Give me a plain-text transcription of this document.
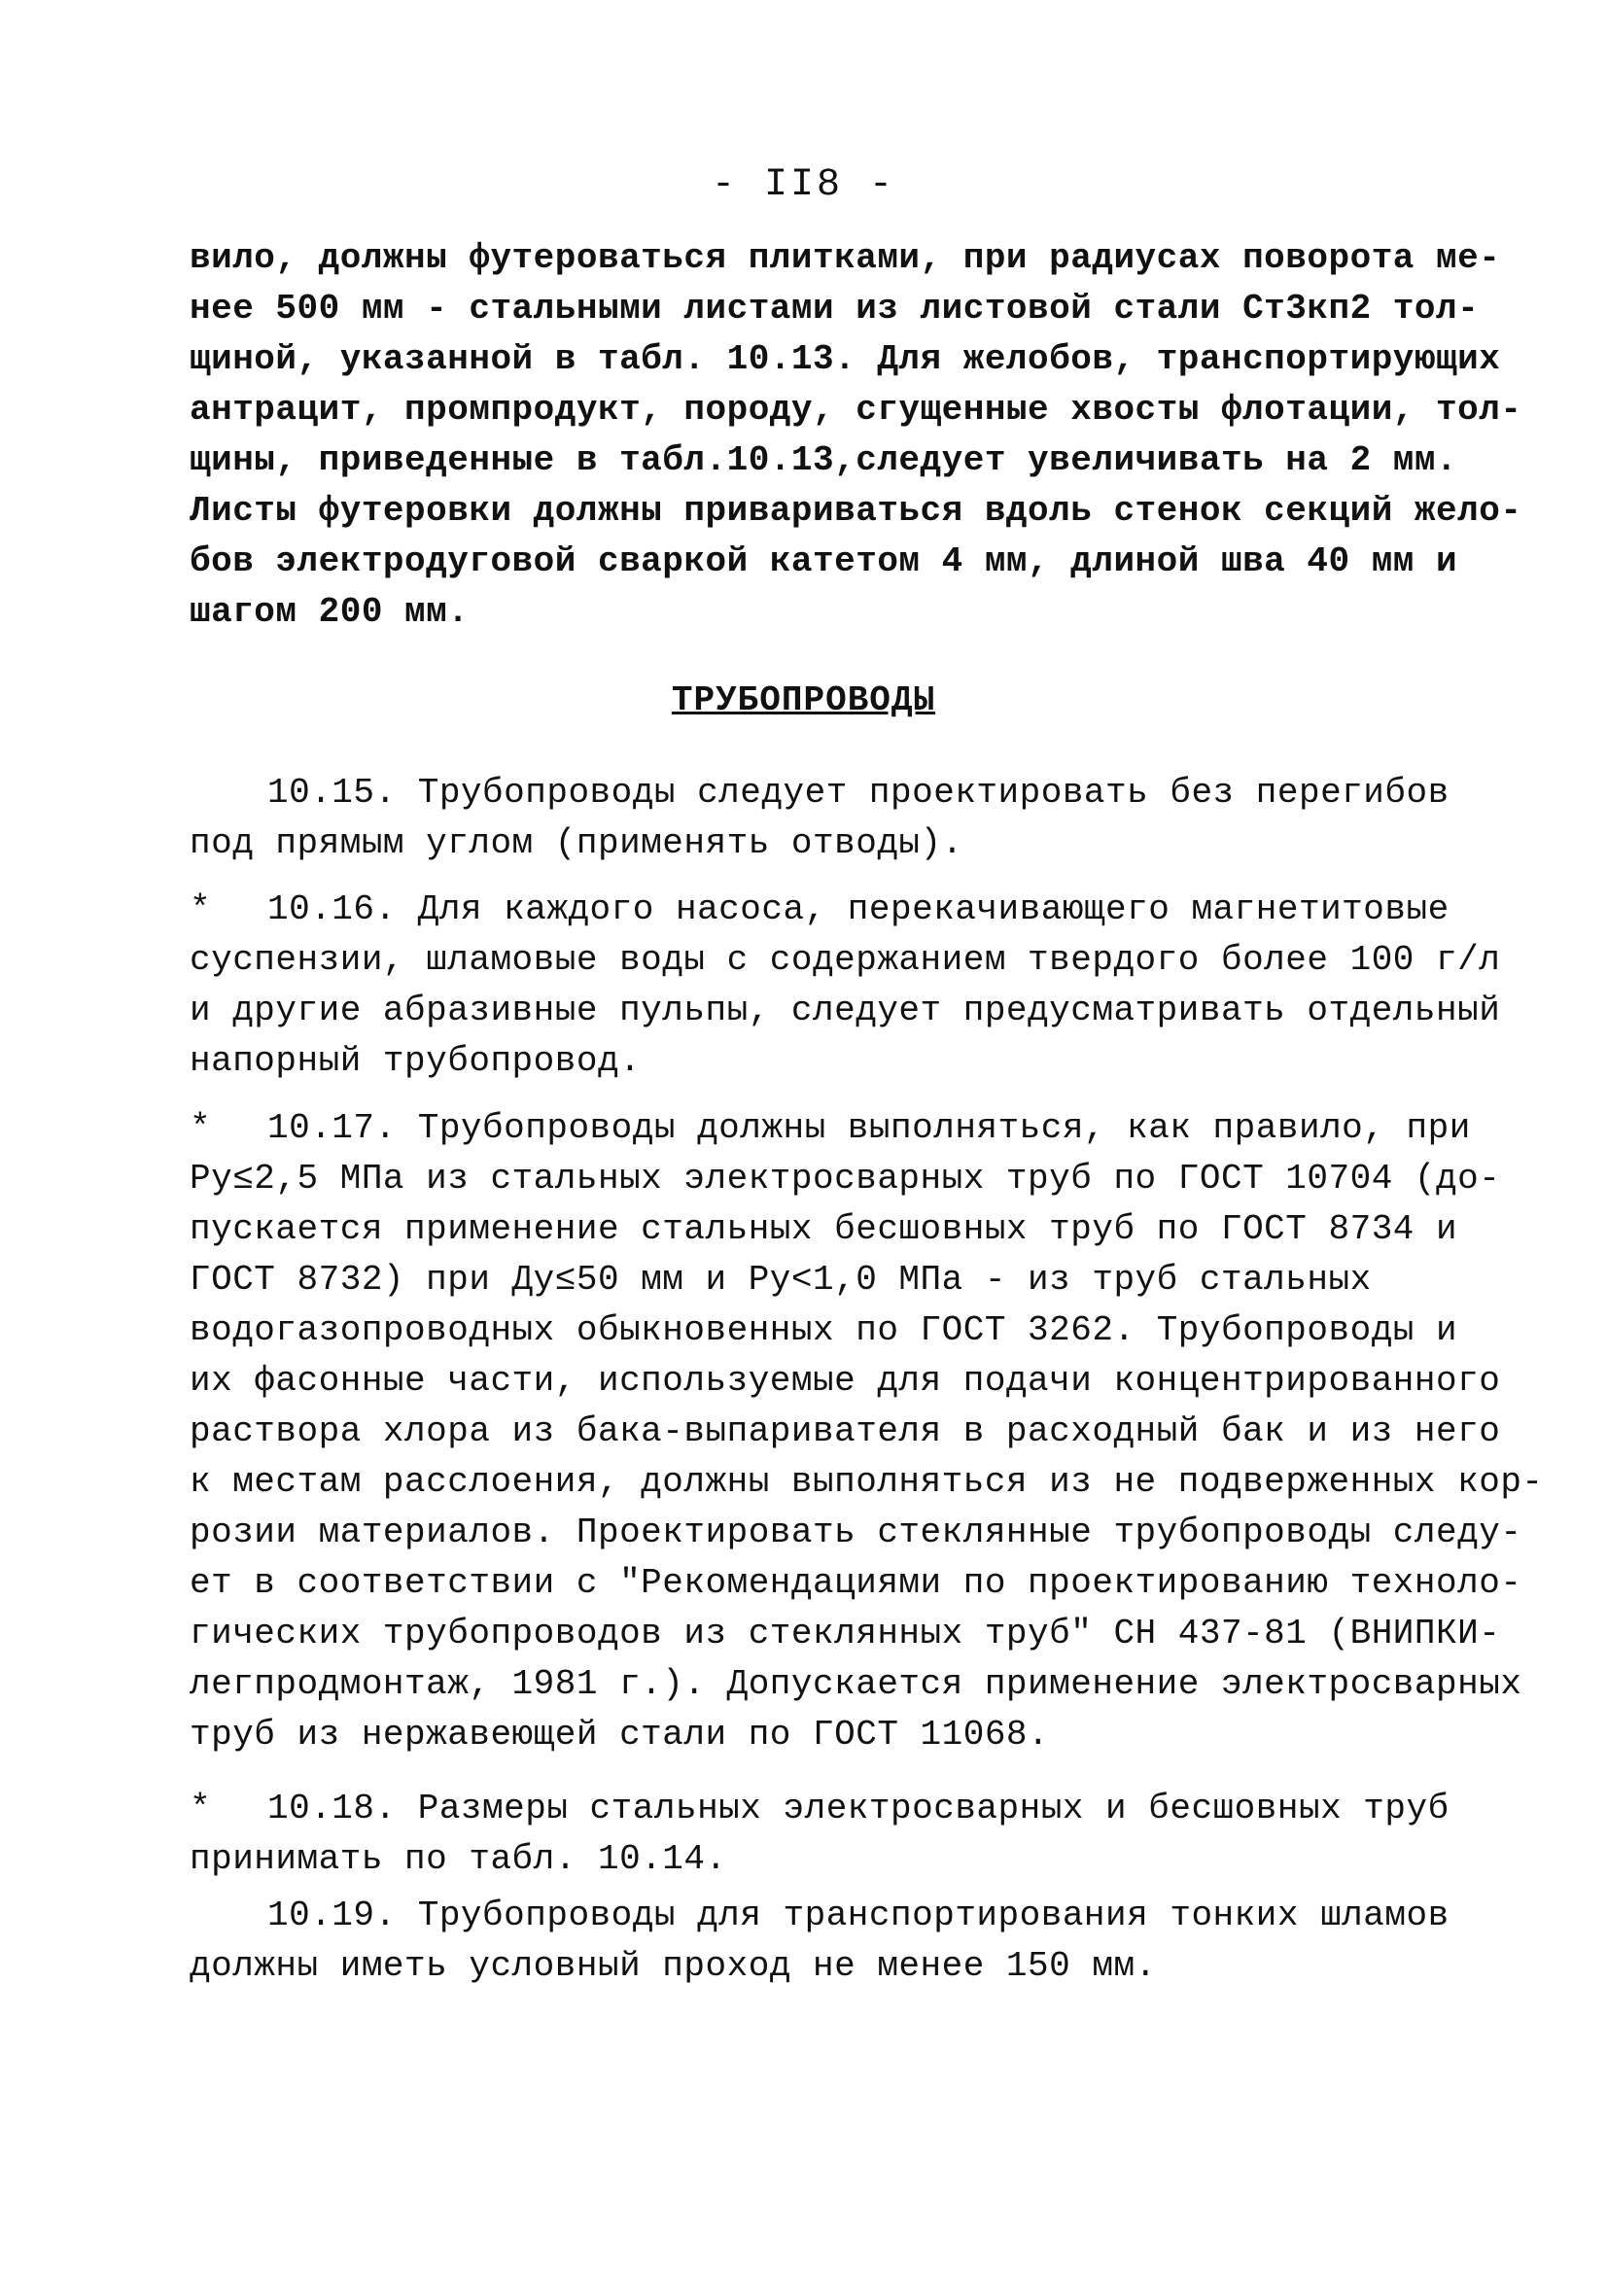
- II8 -
вило, должны футероваться плитками, при радиусах поворота ме-
нее 500 мм - стальными листами из листовой стали Ст3кп2 тол-
щиной, указанной в табл. 10.13. Для желобов, транспортирующих
антрацит, промпродукт, породу, сгущенные хвосты флотации, тол-
щины, приведенные в табл.10.13,следует увеличивать на 2 мм.
Листы футеровки должны привариваться вдоль стенок секций жело-
бов электродуговой сваркой катетом 4 мм, длиной шва 40 мм и
шагом 200 мм.
ТРУБОПРОВОДЫ
10.15. Трубопроводы следует проектировать без перегибов
под прямым углом (применять отводы).
* 10.16. Для каждого насоса, перекачивающего магнетитовые
суспензии, шламовые воды с содержанием твердого более 100 г/л
и другие абразивные пульпы, следует предусматривать отдельный
напорный трубопровод.
* 10.17. Трубопроводы должны выполняться, как правило, при
Ру≤2,5 МПа из стальных электросварных труб по ГОСТ 10704 (до-
пускается применение стальных бесшовных труб по ГОСТ 8734 и
ГОСТ 8732) при Ду≤50 мм и Ру<1,0 МПа - из труб стальных
водогазопроводных обыкновенных по ГОСТ 3262. Трубопроводы и
их фасонные части, используемые для подачи концентрированного
раствора хлора из бака-выпаривателя в расходный бак и из него
к местам расслоения, должны выполняться из не подверженных кор-
розии материалов. Проектировать стеклянные трубопроводы следу-
ет в соответствии с "Рекомендациями по проектированию техноло-
гических трубопроводов из стеклянных труб" СН 437-81 (ВНИПКИ-
легпродмонтаж, 1981 г.). Допускается применение электросварных
труб из нержавеющей стали по ГОСТ 11068.
* 10.18. Размеры стальных электросварных и бесшовных труб
принимать по табл. 10.14.
10.19. Трубопроводы для транспортирования тонких шламов
должны иметь условный проход не менее 150 мм.
